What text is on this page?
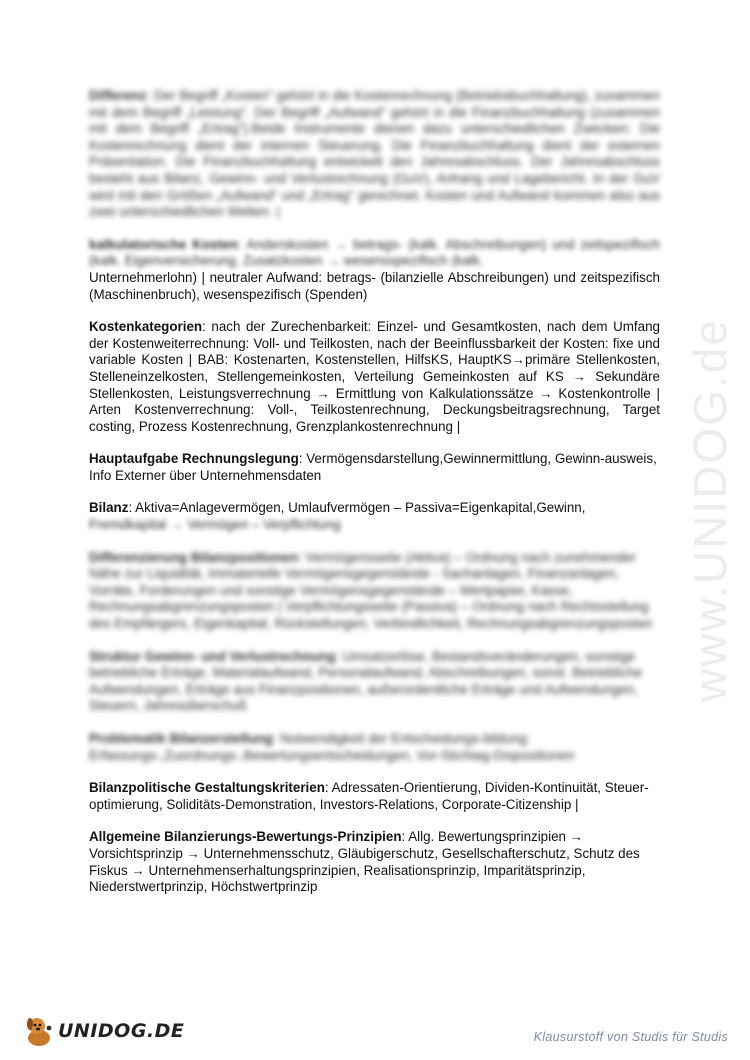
www.UNIDOG.de

Differenz: Der Begriff „Kosten“ gehört in die Kostenrechnung (Betriebsbuchhaltung), zusammen mit dem Begriff „Leistung“. Der Begriff „Aufwand“ gehört in die Finanzbuchhaltung (zusammen mit dem Begriff „Ertrag“).Beide Instrumente dienen dazu unterschiedlichen Zwecken: Die Kostenrechnung dient der internen Steuerung. Die Finanzbuchhaltung dient der externen Präsentation. Die Finanzbuchhaltung entwickelt den Jahresabschluss. Der Jahresabschluss besteht aus Bilanz, Gewinn- und Verlustrechnung (GuV), Anhang und Lagebericht. In der GuV wird mit den Größen „Aufwand“ und „Ertrag“ gerechnet. Kosten und Aufwand kommen also aus zwei unterschiedlichen Welten. |

kalkulatorische Kosten: Anderskosten → betrags- (kalk. Abschreibungen) und zeitspezifisch (kalk. Eigenversicherung, Zusatzkosten → wesensspezifisch (kalk.
Unternehmerlohn) | neutraler Aufwand: betrags- (bilanzielle Abschreibungen) und zeitspezifisch (Maschinenbruch), wesenspezifisch (Spenden)

Kostenkategorien: nach der Zurechenbarkeit: Einzel- und Gesamtkosten, nach dem Umfang der Kostenweiterrechnung: Voll- und Teilkosten, nach der Beeinflussbarkeit der Kosten: fixe und variable Kosten | BAB: Kostenarten, Kostenstellen, HilfsKS, HauptKS→primäre Stellenkosten, Stelleneinzelkosten, Stellengemeinkosten, Verteilung Gemeinkosten auf KS → Sekundäre Stellenkosten, Leistungsverrechnung → Ermittlung von Kalkulationssätze → Kostenkontrolle | Arten Kostenverrechnung: Voll-, Teilkostenrechnung, Deckungsbeitragsrechnung, Target costing, Prozess Kostenrechnung, Grenzplankostenrechnung |

Hauptaufgabe Rechnungslegung: Vermögensdarstellung,Gewinnermittlung, Gewinn-ausweis, Info Externer über Unternehmensdaten

Bilanz: Aktiva=Anlagevermögen, Umlaufvermögen – Passiva=Eigenkapital,Gewinn,
Fremdkapital → Vermögen – Verpflichtung

Differenzierung Bilanzpositionen: Vermögensseite (Aktiva) – Ordnung nach zunehmender Nähe zur Liquidität, Immaterielle Vermögensgegenstände - Sachanlagen, Finanzanlagen, Vorräte, Forderungen und sonstige Vermögensgegenstände – Wertpapier, Kasse, Rechnungsabgrenzungsposten | Verpflichtungsseite (Passiva) – Ordnung nach Rechtsstellung des Empfängers, Eigenkapital, Rückstellungen, Verbindlichkeit, Rechnungsabgrenzungsposten

Struktur Gewinn- und Verlustrechnung: Umsatzerlöse, Bestandsveränderungen, sonstige betriebliche Erträge, Materialaufwand, Personalaufwand, Abschreibungen, sonst. Betriebliche Aufwendungen, Erträge aus Finanzpositionen, außerordentliche Erträge und Aufwendungen, Steuern, Jahresüberschuß

Problematik Bilanzerstellung: Notwendigkeit der Entscheidungs-bildung: Erfassungs-,Zuordnungs-,Bewertungsentscheidungen, Vor-Stichtag-Dispositionen

Bilanzpolitische Gestaltungskriterien: Adressaten-Orientierung, Dividen-Kontinuität, Steuer-optimierung, Soliditäts-Demonstration, Investors-Relations, Corporate-Citizenship |

Allgemeine Bilanzierungs-Bewertungs-Prinzipien: Allg. Bewertungsprinzipien → Vorsichtsprinzip → Unternehmensschutz, Gläubigerschutz, Gesellschafterschutz, Schutz des Fiskus → Unternehmenserhaltungsprinzipien, Realisationsprinzip, Imparitätsprinzip, Niederstwertprinzip, Höchstwertprinzip

UNIDOG.DE	Klausurstoff von Studis für Studis
